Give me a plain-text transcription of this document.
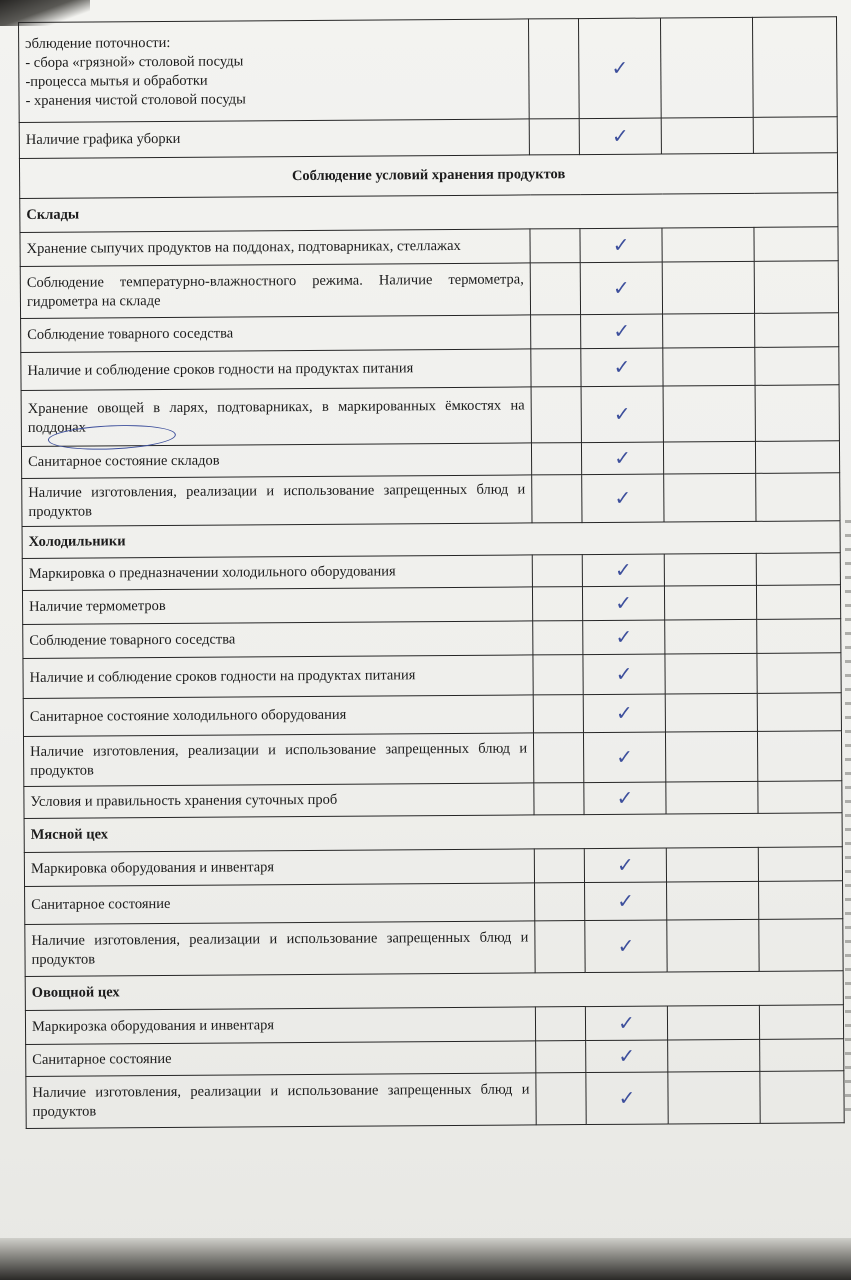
ɔблюдение поточности:
- сбора «грязной» столовой посуды
-процесса мытья и обработки
- хранения чистой столовой посуды		✓		
Наличие графика уборки		✓		
Соблюдение условий хранения продуктов				
Склады				
Хранение сыпучих продуктов на поддонах, подтоварниках, стеллажах		✓		
Соблюдение температурно-влажностного режима. Наличие термометра, гидрометра на складе		✓		
Соблюдение товарного соседства		✓		
Наличие и соблюдение сроков годности на продуктах питания		✓		
Хранение овощей в ларях, подтоварниках, в маркированных ёмкостях на поддонах		✓		
Санитарное состояние складов		✓		
Наличие изготовления, реализации и использование запрещенных блюд и продуктов		✓		
Холодильники				
Маркировка о предназначении холодильного оборудования		✓		
Наличие термометров		✓		
Соблюдение товарного соседства		✓		
Наличие и соблюдение сроков годности на продуктах питания		✓		
Санитарное состояние холодильного оборудования		✓		
Наличие изготовления, реализации и использование запрещенных блюд и продуктов		✓		
Условия и правильность хранения суточных проб		✓		
Мясной цех				
Маркировка оборудования и инвентаря		✓		
Санитарное состояние		✓		
Наличие изготовления, реализации и использование запрещенных блюд и продуктов		✓		
Овощной цех				
Маркирозка оборудования и инвентаря		✓		
Санитарное состояние		✓		
Наличие изготовления, реализации и использование запрещенных блюд и продуктов		✓		
